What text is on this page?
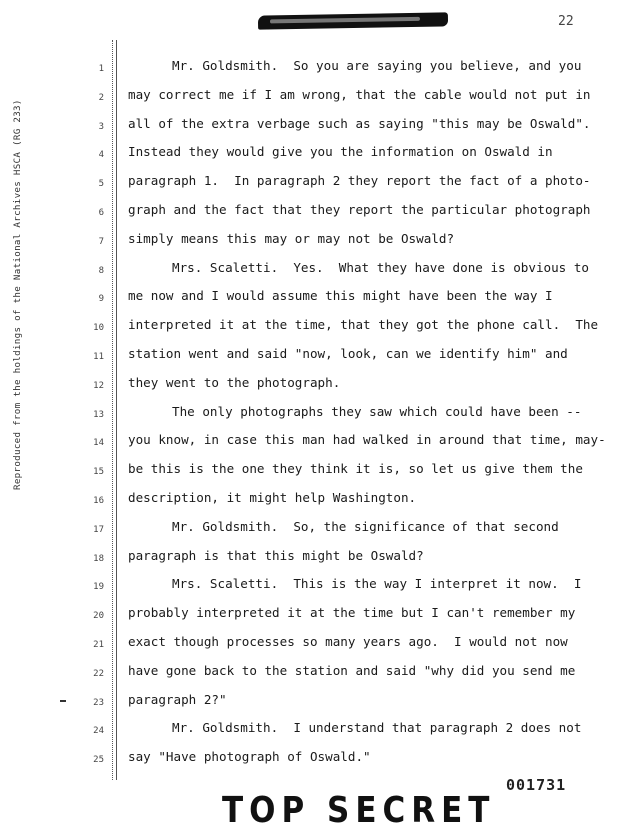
22
Reproduced from the holdings of the National Archives HSCA (RG 233)
1	Mr. Goldsmith.  So you are saying you believe, and you
2 may correct me if I am wrong, that the cable would not put in
3 all of the extra verbage such as saying "this may be Oswald".
4 Instead they would give you the information on Oswald in
5 paragraph 1.  In paragraph 2 they report the fact of a photo-
6 graph and the fact that they report the particular photograph
7 simply means this may or may not be Oswald?
8	Mrs. Scaletti.  Yes.  What they have done is obvious to
9 me now and I would assume this might have been the way I
10 interpreted it at the time, that they got the phone call.  The
11 station went and said "now, look, can we identify him" and
12 they went to the photograph.
13	The only photographs they saw which could have been --
14 you know, in case this man had walked in around that time, may-
15 be this is the one they think it is, so let us give them the
16 description, it might help Washington.
17	Mr. Goldsmith.  So, the significance of that second
18 paragraph is that this might be Oswald?
19	Mrs. Scaletti.  This is the way I interpret it now.  I
20 probably interpreted it at the time but I can't remember my
21 exact though processes so many years ago.  I would not now
22 have gone back to the station and said "why did you send me
23 paragraph 2?"
24	Mr. Goldsmith.  I understand that paragraph 2 does not
25 say "Have photograph of Oswald."
TOP SECRET
001731
